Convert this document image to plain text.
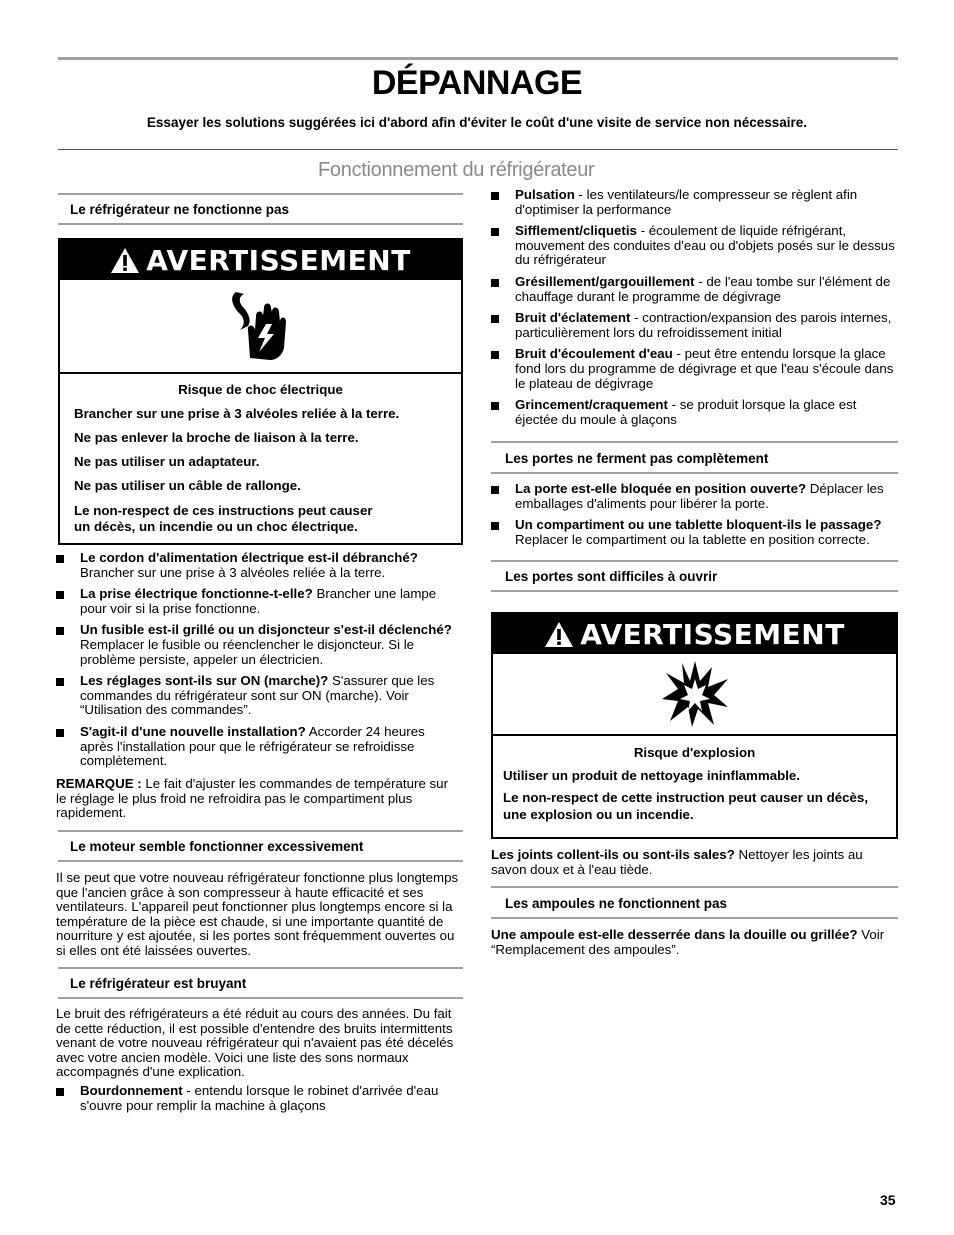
DÉPANNAGE
Essayer les solutions suggérées ici d'abord afin d'éviter le coût d'une visite de service non nécessaire.
Fonctionnement du réfrigérateur
Le réfrigérateur ne fonctionne pas
AVERTISSEMENT

Risque de choc électrique

Brancher sur une prise à 3 alvéoles reliée à la terre.

Ne pas enlever la broche de liaison à la terre.

Ne pas utiliser un adaptateur.

Ne pas utiliser un câble de rallonge.

Le non-respect de ces instructions peut causer

un décès, un incendie ou un choc électrique.

Le cordon d'alimentation électrique est-il débranché? Brancher sur une prise à 3 alvéoles reliée à la terre.
La prise électrique fonctionne-t-elle? Brancher une lampe pour voir si la prise fonctionne.
Un fusible est-il grillé ou un disjoncteur s'est-il déclenché? Remplacer le fusible ou réenclencher le disjoncteur. Si le problème persiste, appeler un électricien.
Les réglages sont-ils sur ON (marche)? S'assurer que les commandes du réfrigérateur sont sur ON (marche). Voir “Utilisation des commandes”.
S'agit-il d'une nouvelle installation? Accorder 24 heures après l'installation pour que le réfrigérateur se refroidisse complètement.
REMARQUE : Le fait d'ajuster les commandes de température sur le réglage le plus froid ne refroidira pas le compartiment plus rapidement.
Le moteur semble fonctionner excessivement
Il se peut que votre nouveau réfrigérateur fonctionne plus longtemps que l'ancien grâce à son compresseur à haute efficacité et ses ventilateurs. L'appareil peut fonctionner plus longtemps encore si la température de la pièce est chaude, si une importante quantité de nourriture y est ajoutée, si les portes sont fréquemment ouvertes ou si elles ont été laissées ouvertes.
Le réfrigérateur est bruyant
Le bruit des réfrigérateurs a été réduit au cours des années. Du fait de cette réduction, il est possible d'entendre des bruits intermittents venant de votre nouveau réfrigérateur qui n'avaient pas été décelés avec votre ancien modèle. Voici une liste des sons normaux accompagnés d'une explication.
Bourdonnement - entendu lorsque le robinet d'arrivée d'eau s'ouvre pour remplir la machine à glaçons
Pulsation - les ventilateurs/le compresseur se règlent afin d'optimiser la performance
Sifflement/cliquetis - écoulement de liquide réfrigérant, mouvement des conduites d'eau ou d'objets posés sur le dessus du réfrigérateur
Grésillement/gargouillement - de l'eau tombe sur l'élément de chauffage durant le programme de dégivrage
Bruit d'éclatement - contraction/expansion des parois internes, particulièrement lors du refroidissement initial
Bruit d'écoulement d'eau - peut être entendu lorsque la glace fond lors du programme de dégivrage et que l'eau s'écoule dans le plateau de dégivrage
Grincement/craquement - se produit lorsque la glace est éjectée du moule à glaçons
Les portes ne ferment pas complètement
La porte est-elle bloquée en position ouverte? Déplacer les emballages d'aliments pour libérer la porte.
Un compartiment ou une tablette bloquent-ils le passage? Replacer le compartiment ou la tablette en position correcte.
Les portes sont difficiles à ouvrir
AVERTISSEMENT

Risque d'explosion

Utiliser un produit de nettoyage ininflammable.

Le non-respect de cette instruction peut causer un décès,

une explosion ou un incendie.

Les joints collent-ils ou sont-ils sales? Nettoyer les joints au savon doux et à l'eau tiède.
Les ampoules ne fonctionnent pas
Une ampoule est-elle desserrée dans la douille ou grillée? Voir “Remplacement des ampoules”.
35
